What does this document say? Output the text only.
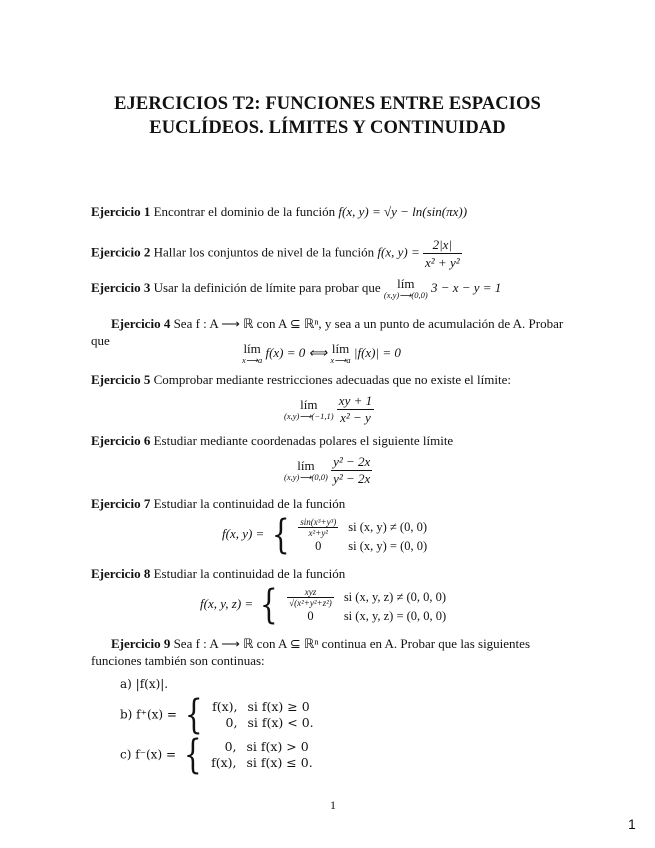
EJERCICIOS T2: FUNCIONES ENTRE ESPACIOS
EUCLÍDEOS. LÍMITES Y CONTINUIDAD
Ejercicio 1 Encontrar el dominio de la función f(x, y) = √y − ln(sin(πx))
Ejercicio 2 Hallar los conjuntos de nivel de la función f(x, $y) = \frac{2|x|}{\text{x² + y²}}$
Ejercicio 3 Usar la definición de límite para probar que lím
(x,y)⟶(0,0)
3 − x − y = 1
Ejercicio 4 Sea f : A ⟶ ℝ con A ⊆ ℝⁿ, y sea a un punto de acumulación de A. Probar que
lím
x⟶a
f(x) = 0 ⟺ lím
x⟶a
|f(x)| = 0
Ejercicio 5 Comprobar mediante restricciones adecuadas que no existe el límite:
lím
(x,y)⟶(−1,1)
$\frac{xy + 1}{\text{x² − y}}$
Ejercicio 6 Estudiar mediante coordenadas polares el siguiente límite
lím
(x,y)⟶(0,0)
$\frac{\text{y² − 2x}}{\text{y² − 2x}}$
Ejercicio 7 Estudiar la continuidad de la función
f(x, y) = { $\frac{\text{sin(x³+y³)}}{\text{x²+y²}}$	si (x, y) ≠ (0, 0)
0	si (x, y) = (0, 0)
Ejercicio 8 Estudiar la continuidad de la función
f(x, y, z) = { $\frac{\text{xyz}}{\text{√(x²+y²+z²)}}$	si (x, y, z) ≠ (0, 0, 0)
0	si (x, y, z) = (0, 0, 0)
Ejercicio 9 Sea f : A ⟶ ℝ con A ⊆ ℝⁿ continua en A. Probar que las siguientes funciones también son continuas:
a) |f(x)|.
b) f⁺(x) = { f(x),	si f(x) ≥ 0
0,	si f(x) < 0.
c) f⁻(x) = { 0,	si f(x) > 0
f(x),	si f(x) ≤ 0.
1
1
